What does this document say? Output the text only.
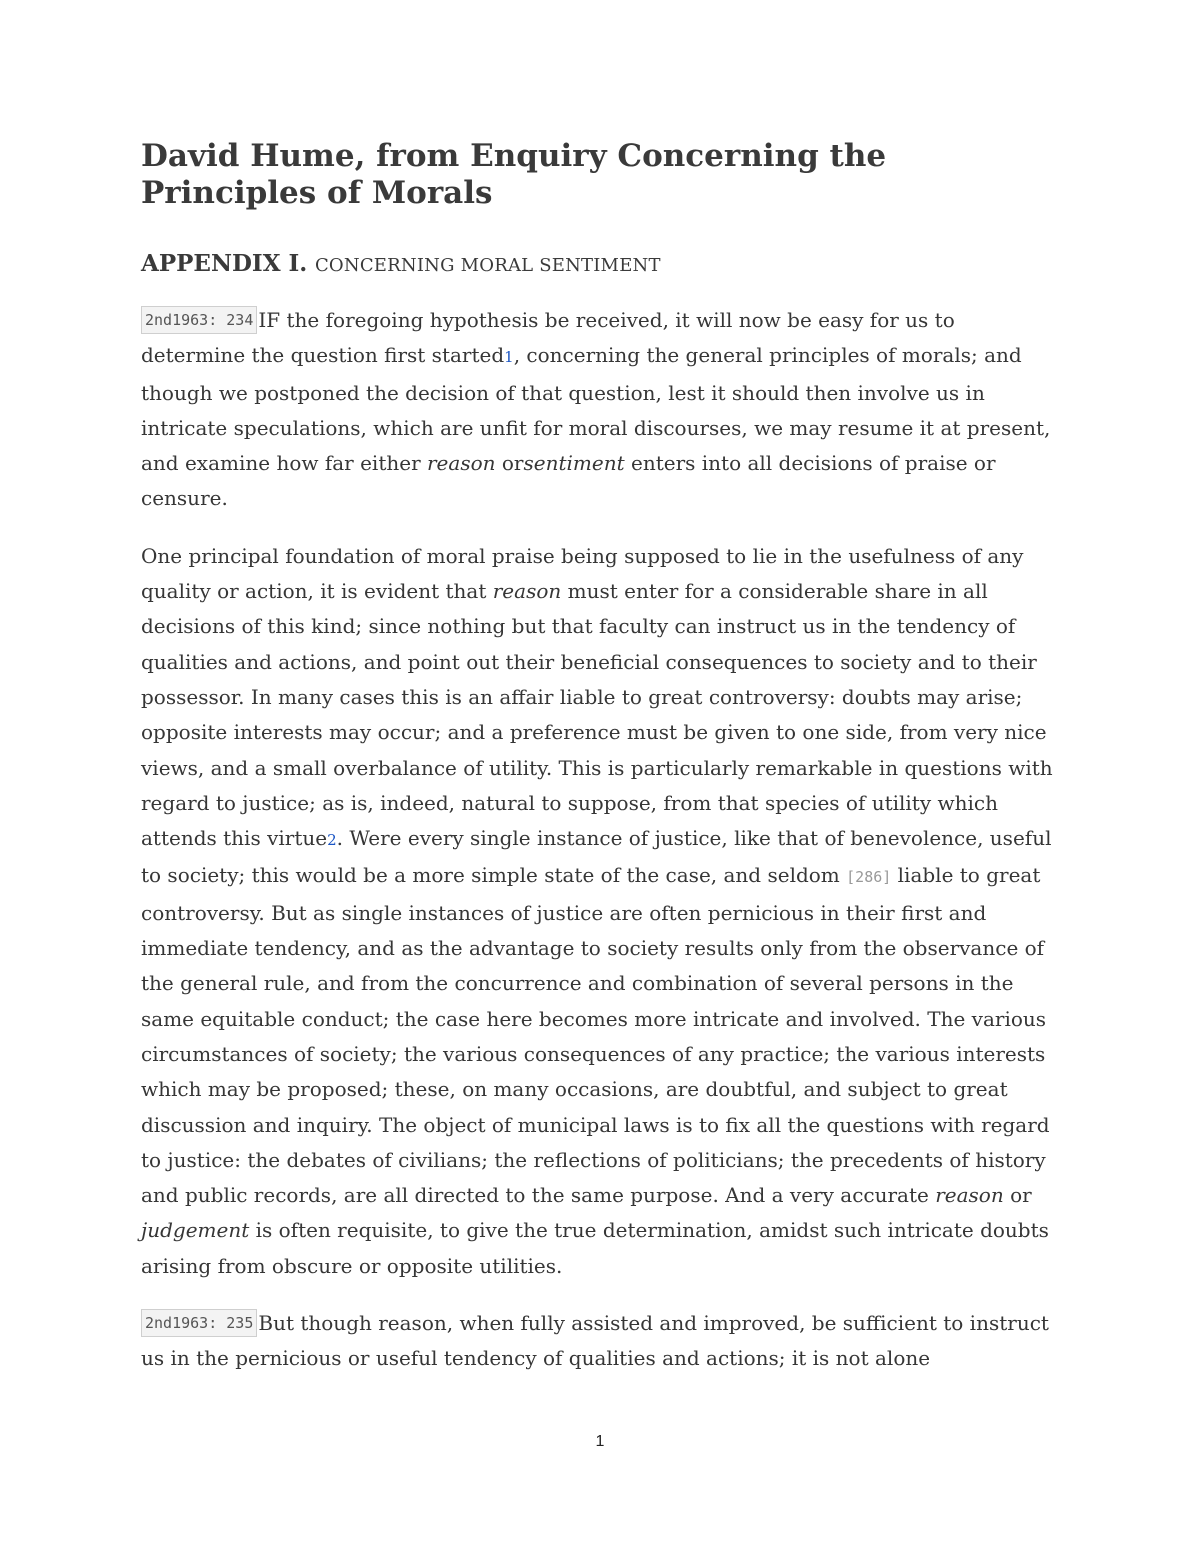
David Hume, from Enquiry Concerning the Principles of Morals
APPENDIX I. CONCERNING MORAL SENTIMENT

2nd1963: 234 IF the foregoing hypothesis be received, it will now be easy for us to determine the question first started1, concerning the general principles of morals; and though we postponed the decision of that question, lest it should then involve us in intricate speculations, which are unfit for moral discourses, we may resume it at present, and examine how far either reason orsentiment enters into all decisions of praise or censure.

One principal foundation of moral praise being supposed to lie in the usefulness of any quality or action, it is evident that reason must enter for a considerable share in all decisions of this kind; since nothing but that faculty can instruct us in the tendency of qualities and actions, and point out their beneficial consequences to society and to their possessor. In many cases this is an affair liable to great controversy: doubts may arise; opposite interests may occur; and a preference must be given to one side, from very nice views, and a small overbalance of utility. This is particularly remarkable in questions with regard to justice; as is, indeed, natural to suppose, from that species of utility which attends this virtue2. Were every single instance of justice, like that of benevolence, useful to society; this would be a more simple state of the case, and seldom [286] liable to great controversy. But as single instances of justice are often pernicious in their first and immediate tendency, and as the advantage to society results only from the observance of the general rule, and from the concurrence and combination of several persons in the same equitable conduct; the case here becomes more intricate and involved. The various circumstances of society; the various consequences of any practice; the various interests which may be proposed; these, on many occasions, are doubtful, and subject to great discussion and inquiry. The object of municipal laws is to fix all the questions with regard to justice: the debates of civilians; the reflections of politicians; the precedents of history and public records, are all directed to the same purpose. And a very accurate reason or judgement is often requisite, to give the true determination, amidst such intricate doubts arising from obscure or opposite utilities.

2nd1963: 235 But though reason, when fully assisted and improved, be sufficient to instruct us in the pernicious or useful tendency of qualities and actions; it is not alone

1
